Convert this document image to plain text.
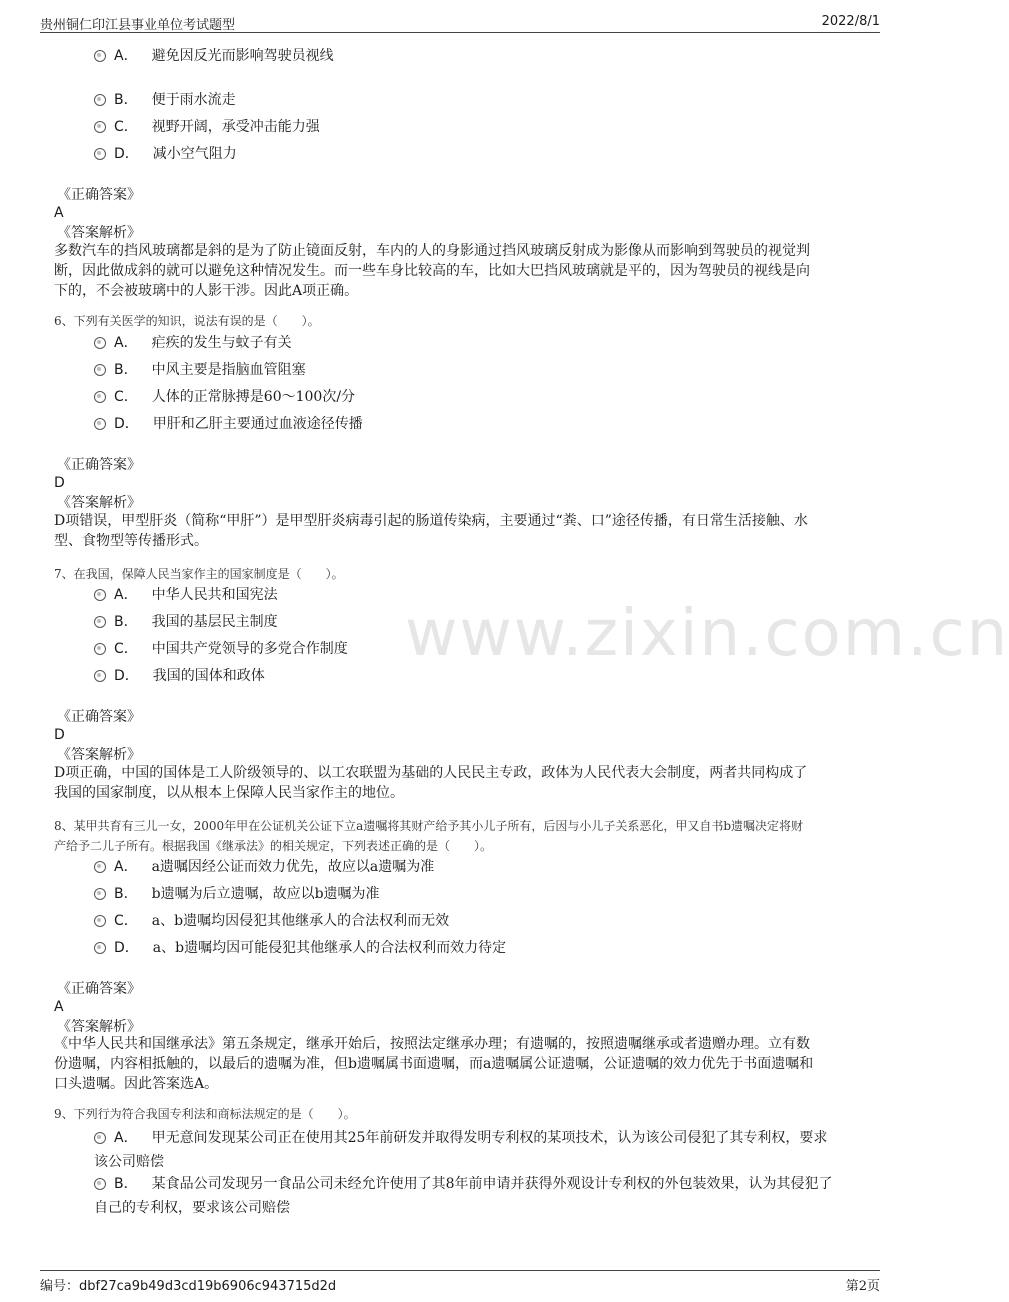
贵州铜仁印江县事业单位考试题型	2022/8/1
www.zixin.com.cn
A． 避免因反光而影响驾驶员视线
B． 便于雨水流走
C． 视野开阔，承受冲击能力强
D． 减小空气阻力
《正确答案》
A
《答案解析》
多数汽车的挡风玻璃都是斜的是为了防止镜面反射，车内的人的身影通过挡风玻璃反射成为影像从而影响到驾驶员的视觉判
断，因此做成斜的就可以避免这种情况发生。而一些车身比较高的车，比如大巴挡风玻璃就是平的，因为驾驶员的视线是向
下的，不会被玻璃中的人影干涉。因此A项正确。
6、下列有关医学的知识，说法有误的是（　　）。
A． 疟疾的发生与蚊子有关
B． 中风主要是指脑血管阻塞
C． 人体的正常脉搏是60～100次/分
D． 甲肝和乙肝主要通过血液途径传播
《正确答案》
D
《答案解析》
D项错误，甲型肝炎（简称“甲肝”）是甲型肝炎病毒引起的肠道传染病，主要通过“粪、口”途径传播，有日常生活接触、水
型、食物型等传播形式。
7、在我国，保障人民当家作主的国家制度是（　　）。
A． 中华人民共和国宪法
B． 我国的基层民主制度
C． 中国共产党领导的多党合作制度
D． 我国的国体和政体
《正确答案》
D
《答案解析》
D项正确，中国的国体是工人阶级领导的、以工农联盟为基础的人民民主专政，政体为人民代表大会制度，两者共同构成了
我国的国家制度，以从根本上保障人民当家作主的地位。
8、某甲共育有三儿一女，2000年甲在公证机关公证下立a遗嘱将其财产给予其小儿子所有，后因与小儿子关系恶化，甲又自书b遗嘱决定将财
产给予二儿子所有。根据我国《继承法》的相关规定，下列表述正确的是（　　）。
A． a遗嘱因经公证而效力优先，故应以a遗嘱为准
B． b遗嘱为后立遗嘱，故应以b遗嘱为准
C． a、b遗嘱均因侵犯其他继承人的合法权利而无效
D． a、b遗嘱均因可能侵犯其他继承人的合法权利而效力待定
《正确答案》
A
《答案解析》
《中华人民共和国继承法》第五条规定，继承开始后，按照法定继承办理；有遗嘱的，按照遗嘱继承或者遗赠办理。立有数
份遗嘱，内容相抵触的，以最后的遗嘱为准，但b遗嘱属书面遗嘱，而a遗嘱属公证遗嘱，公证遗嘱的效力优先于书面遗嘱和
口头遗嘱。因此答案选A。
9、下列行为符合我国专利法和商标法规定的是（　　）。
A． 甲无意间发现某公司正在使用其25年前研发并取得发明专利权的某项技术，认为该公司侵犯了其专利权，要求
该公司赔偿
B． 某食品公司发现另一食品公司未经允许使用了其8年前申请并获得外观设计专利权的外包装效果，认为其侵犯了
自己的专利权，要求该公司赔偿
编号：dbf27ca9b49d3cd19b6906c943715d2d	第2页
